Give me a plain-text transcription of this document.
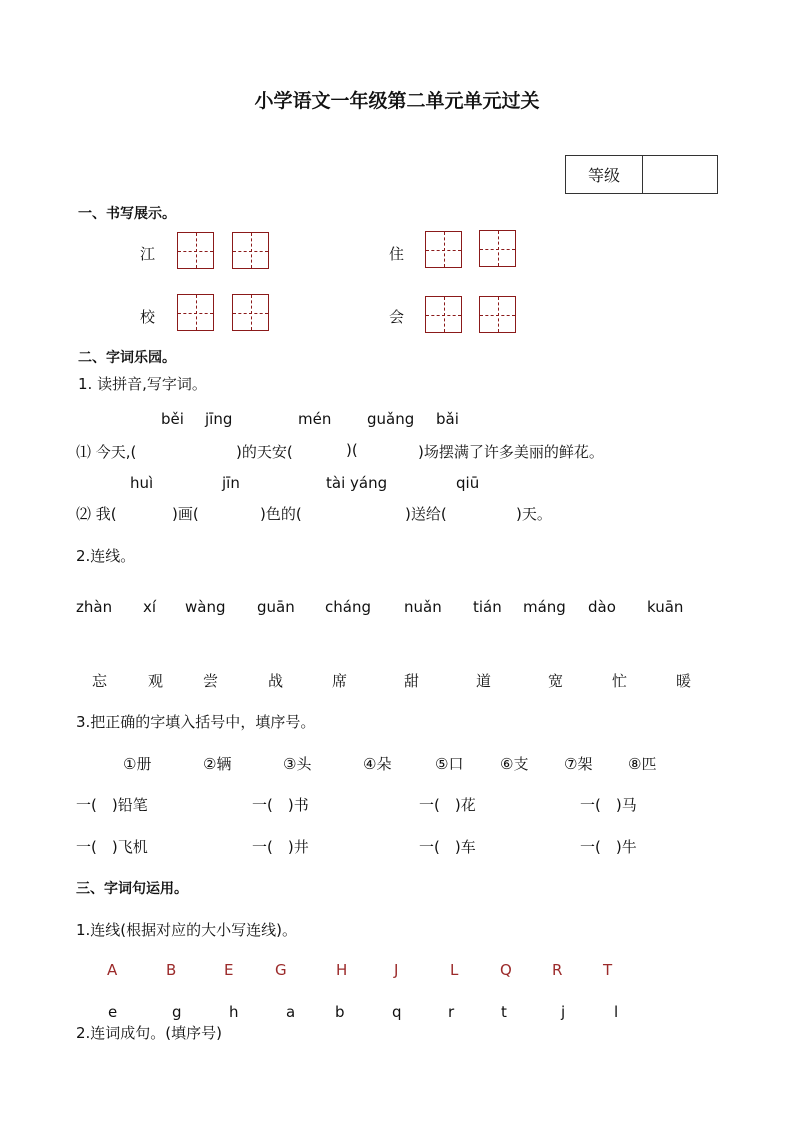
小学语文一年级第二单元单元过关
等级
一、书写展示。
江	住
校	会
二、字词乐园。
1. 读拼音,写字词。
běi jīng	mén guǎng bǎi
⑴ 今天,(	)的天安(	)(	)场摆满了许多美丽的鲜花。
huì	jīn	tài yáng	qiū
⑵ 我(	)画(	)色的(	)送给(	)天。
2.连线。
zhàn xí wàng guān cháng nuǎn tián máng dào kuān
忘	观	尝	战	席	甜	道	宽	忙	暖
3.把正确的字填入括号中，填序号。
①册	②辆	③头	④朵	⑤口 ⑥支 ⑦架 ⑧匹
一(　)铅笔	一(　)书	一(　)花	一(　)马
一(　)飞机	一(　)井	一(　)车	一(　)牛
三、字词句运用。
1.连线(根据对应的大小写连线)。
A	B	E	G	H	J	L	Q	R	T
e	g	h	a	b	q	r	t	j	l
2.连词成句。(填序号)
